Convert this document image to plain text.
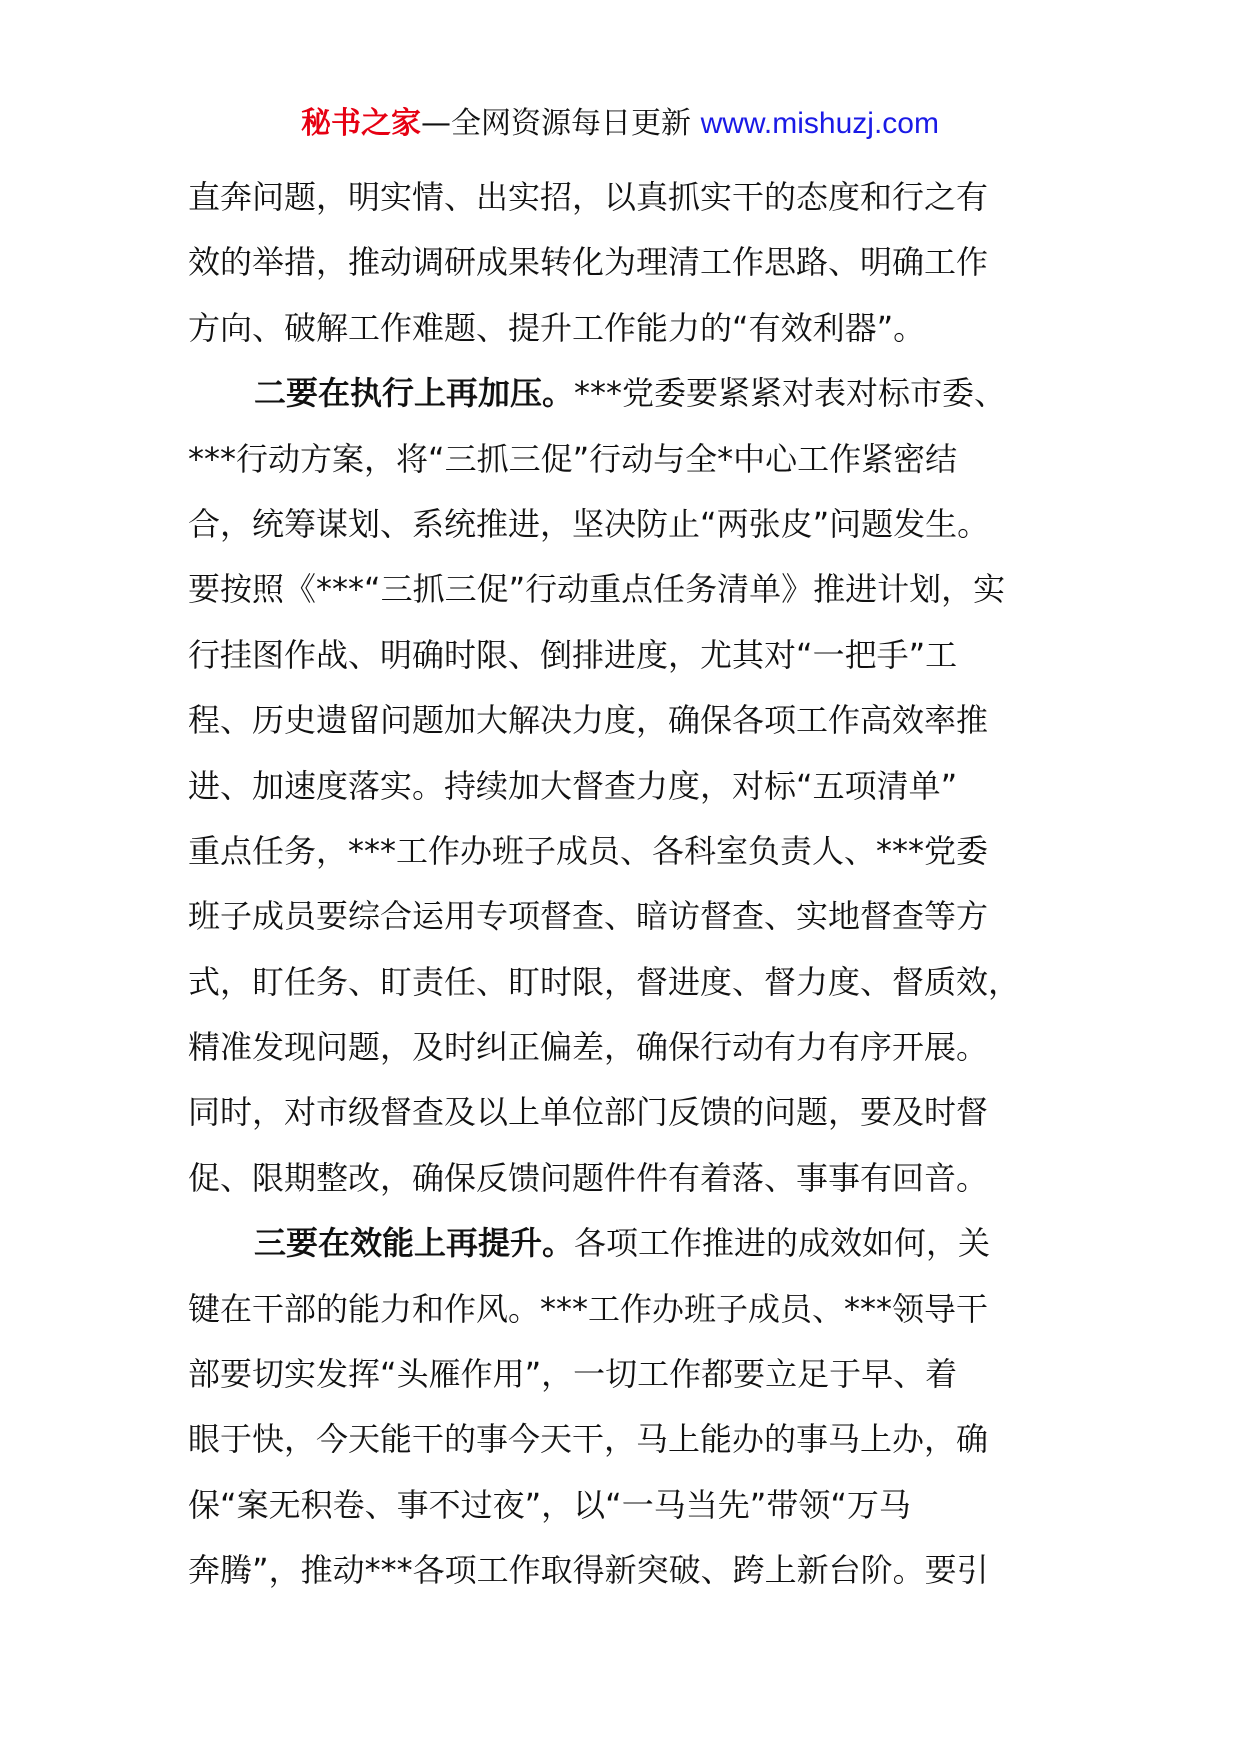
秘书之家—全网资源每日更新 www.mishuzj.com
直奔问题，明实情、出实招，以真抓实干的态度和行之有
效的举措，推动调研成果转化为理清工作思路、明确工作
方向、破解工作难题、提升工作能力的“有效利器”。
二要在执行上再加压。***党委要紧紧对表对标市委、
***行动方案，将“三抓三促”行动与全*中心工作紧密结
合，统筹谋划、系统推进，坚决防止“两张皮”问题发生。
要按照《***“三抓三促”行动重点任务清单》推进计划，实
行挂图作战、明确时限、倒排进度，尤其对“一把手”工
程、历史遗留问题加大解决力度，确保各项工作高效率推
进、加速度落实。持续加大督查力度，对标“五项清单”
重点任务，***工作办班子成员、各科室负责人、***党委
班子成员要综合运用专项督查、暗访督查、实地督查等方
式，盯任务、盯责任、盯时限，督进度、督力度、督质效，
精准发现问题，及时纠正偏差，确保行动有力有序开展。
同时，对市级督查及以上单位部门反馈的问题，要及时督
促、限期整改，确保反馈问题件件有着落、事事有回音。
三要在效能上再提升。各项工作推进的成效如何，关
键在干部的能力和作风。***工作办班子成员、***领导干
部要切实发挥“头雁作用”，一切工作都要立足于早、着
眼于快，今天能干的事今天干，马上能办的事马上办，确
保“案无积卷、事不过夜”，以“一马当先”带领“万马
奔腾”，推动***各项工作取得新突破、跨上新台阶。要引
